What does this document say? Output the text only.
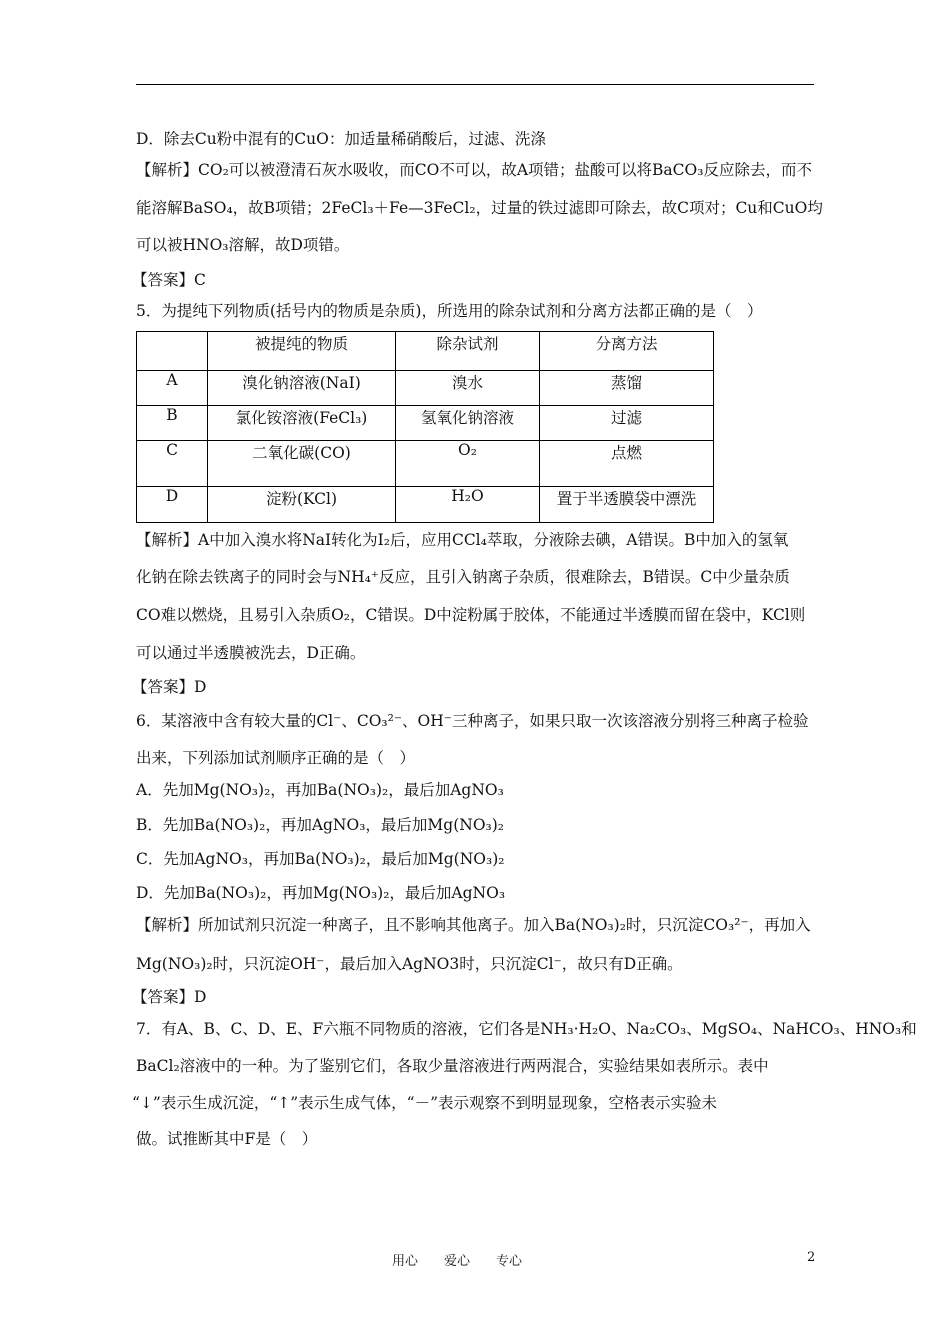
D．除去Cu粉中混有的CuO：加适量稀硝酸后，过滤、洗涤
【解析】CO₂可以被澄清石灰水吸收，而CO不可以，故A项错；盐酸可以将BaCO₃反应除去，而不
能溶解BaSO₄，故B项错；2FeCl₃＋Fe—3FeCl₂，过量的铁过滤即可除去，故C项对；Cu和CuO均
可以被HNO₃溶解，故D项错。
【答案】C
5．为提纯下列物质(括号内的物质是杂质)，所选用的除杂试剂和分离方法都正确的是（　）
	被提纯的物质	除杂试剂	分离方法
A	溴化钠溶液(NaI)	溴水	蒸馏
B	氯化铵溶液(FeCl₃)	氢氧化钠溶液	过滤
C	二氧化碳(CO)	O₂	点燃
D	淀粉(KCl)	H₂O	置于半透膜袋中漂洗
【解析】A中加入溴水将NaI转化为I₂后，应用CCl₄萃取，分液除去碘，A错误。B中加入的氢氧
化钠在除去铁离子的同时会与NH₄⁺反应，且引入钠离子杂质，很难除去，B错误。C中少量杂质
CO难以燃烧，且易引入杂质O₂，C错误。D中淀粉属于胶体，不能通过半透膜而留在袋中，KCl则
可以通过半透膜被洗去，D正确。
【答案】D
6．某溶液中含有较大量的Cl⁻、CO₃²⁻、OH⁻三种离子，如果只取一次该溶液分别将三种离子检验
出来，下列添加试剂顺序正确的是（　）
A．先加Mg(NO₃)₂，再加Ba(NO₃)₂，最后加AgNO₃
B．先加Ba(NO₃)₂，再加AgNO₃，最后加Mg(NO₃)₂
C．先加AgNO₃，再加Ba(NO₃)₂，最后加Mg(NO₃)₂
D．先加Ba(NO₃)₂，再加Mg(NO₃)₂，最后加AgNO₃
【解析】所加试剂只沉淀一种离子，且不影响其他离子。加入Ba(NO₃)₂时，只沉淀CO₃²⁻，再加入
Mg(NO₃)₂时，只沉淀OH⁻，最后加入AgNO3时，只沉淀Cl⁻，故只有D正确。
【答案】D
7．有A、B、C、D、E、F六瓶不同物质的溶液，它们各是NH₃·H₂O、Na₂CO₃、MgSO₄、NaHCO₃、HNO₃和
BaCl₂溶液中的一种。为了鉴别它们，各取少量溶液进行两两混合，实验结果如表所示。表中
“↓”表示生成沉淀，“↑”表示生成气体，“－”表示观察不到明显现象，空格表示实验未
做。试推断其中F是（　）
用心　　爱心　　专心	2
